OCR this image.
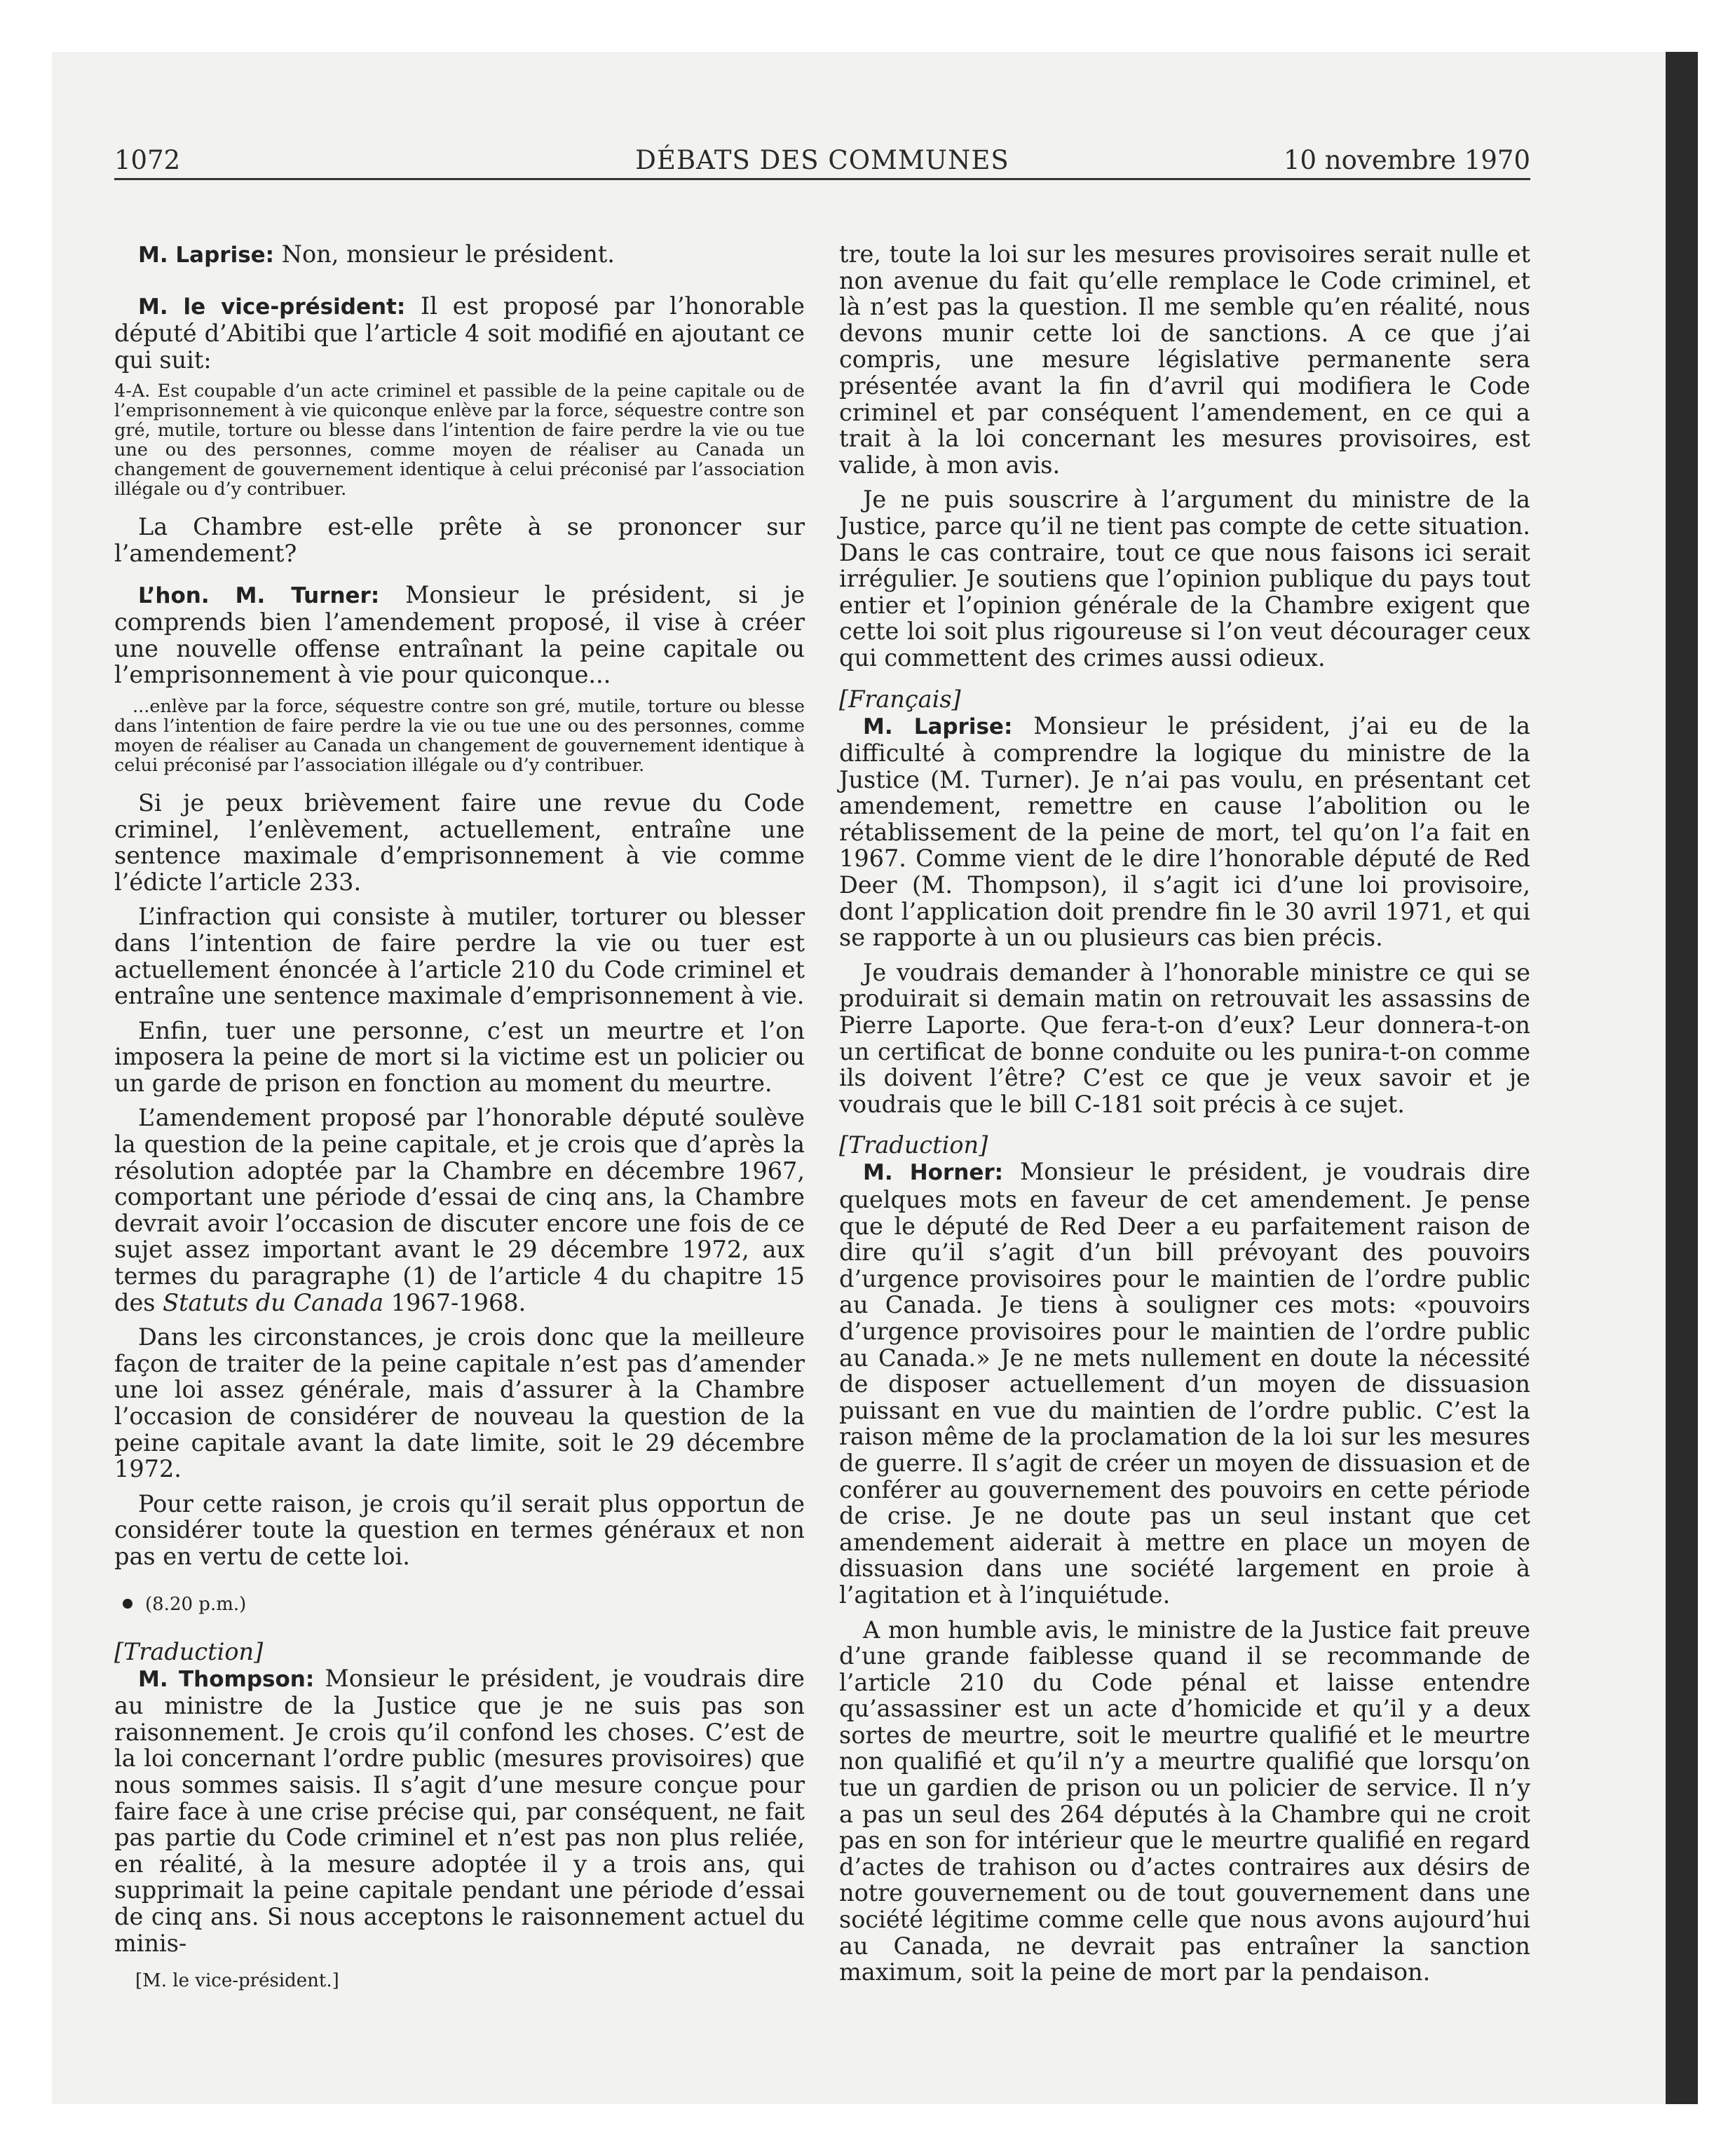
1072	DÉBATS DES COMMUNES	10 novembre 1970

M. Laprise: Non, monsieur le président.

M. le vice-président: Il est proposé par l’honorable député d’Abitibi que l’article 4 soit modifié en ajoutant ce qui suit:

4-A. Est coupable d’un acte criminel et passible de la peine capitale ou de l’emprisonnement à vie quiconque enlève par la force, séquestre contre son gré, mutile, torture ou blesse dans l’intention de faire perdre la vie ou tue une ou des personnes, comme moyen de réaliser au Canada un changement de gouvernement identique à celui préconisé par l’association illégale ou d’y contribuer.

La Chambre est-elle prête à se prononcer sur l’amendement?

L’hon. M. Turner: Monsieur le président, si je comprends bien l’amendement proposé, il vise à créer une nouvelle offense entraînant la peine capitale ou l’emprisonnement à vie pour quiconque...

...enlève par la force, séquestre contre son gré, mutile, torture ou blesse dans l’intention de faire perdre la vie ou tue une ou des personnes, comme moyen de réaliser au Canada un changement de gouvernement identique à celui préconisé par l’association illégale ou d’y contribuer.

Si je peux brièvement faire une revue du Code criminel, l’enlèvement, actuellement, entraîne une sentence maximale d’emprisonnement à vie comme l’édicte l’article 233.

L’infraction qui consiste à mutiler, torturer ou blesser dans l’intention de faire perdre la vie ou tuer est actuellement énoncée à l’article 210 du Code criminel et entraîne une sentence maximale d’emprisonnement à vie.

Enfin, tuer une personne, c’est un meurtre et l’on imposera la peine de mort si la victime est un policier ou un garde de prison en fonction au moment du meurtre.

L’amendement proposé par l’honorable député soulève la question de la peine capitale, et je crois que d’après la résolution adoptée par la Chambre en décembre 1967, comportant une période d’essai de cinq ans, la Chambre devrait avoir l’occasion de discuter encore une fois de ce sujet assez important avant le 29 décembre 1972, aux termes du paragraphe (1) de l’article 4 du chapitre 15 des Statuts du Canada 1967-1968.

Dans les circonstances, je crois donc que la meilleure façon de traiter de la peine capitale n’est pas d’amender une loi assez générale, mais d’assurer à la Chambre l’occasion de considérer de nouveau la question de la peine capitale avant la date limite, soit le 29 décembre 1972.

Pour cette raison, je crois qu’il serait plus opportun de considérer toute la question en termes généraux et non pas en vertu de cette loi.

(8.20 p.m.)

[Traduction]

M. Thompson: Monsieur le président, je voudrais dire au ministre de la Justice que je ne suis pas son raisonnement. Je crois qu’il confond les choses. C’est de la loi concernant l’ordre public (mesures provisoires) que nous sommes saisis. Il s’agit d’une mesure conçue pour faire face à une crise précise qui, par conséquent, ne fait pas partie du Code criminel et n’est pas non plus reliée, en réalité, à la mesure adoptée il y a trois ans, qui supprimait la peine capitale pendant une période d’essai de cinq ans. Si nous acceptons le raisonnement actuel du minis-

[M. le vice-président.]

tre, toute la loi sur les mesures provisoires serait nulle et non avenue du fait qu’elle remplace le Code criminel, et là n’est pas la question. Il me semble qu’en réalité, nous devons munir cette loi de sanctions. A ce que j’ai compris, une mesure législative permanente sera présentée avant la fin d’avril qui modifiera le Code criminel et par conséquent l’amendement, en ce qui a trait à la loi concernant les mesures provisoires, est valide, à mon avis.

Je ne puis souscrire à l’argument du ministre de la Justice, parce qu’il ne tient pas compte de cette situation. Dans le cas contraire, tout ce que nous faisons ici serait irrégulier. Je soutiens que l’opinion publique du pays tout entier et l’opinion générale de la Chambre exigent que cette loi soit plus rigoureuse si l’on veut décourager ceux qui commettent des crimes aussi odieux.

[Français]

M. Laprise: Monsieur le président, j’ai eu de la difficulté à comprendre la logique du ministre de la Justice (M. Turner). Je n’ai pas voulu, en présentant cet amendement, remettre en cause l’abolition ou le rétablissement de la peine de mort, tel qu’on l’a fait en 1967. Comme vient de le dire l’honorable député de Red Deer (M. Thompson), il s’agit ici d’une loi provisoire, dont l’application doit prendre fin le 30 avril 1971, et qui se rapporte à un ou plusieurs cas bien précis.

Je voudrais demander à l’honorable ministre ce qui se produirait si demain matin on retrouvait les assassins de Pierre Laporte. Que fera-t-on d’eux? Leur donnera-t-on un certificat de bonne conduite ou les punira-t-on comme ils doivent l’être? C’est ce que je veux savoir et je voudrais que le bill C-181 soit précis à ce sujet.

[Traduction]

M. Horner: Monsieur le président, je voudrais dire quelques mots en faveur de cet amendement. Je pense que le député de Red Deer a eu parfaitement raison de dire qu’il s’agit d’un bill prévoyant des pouvoirs d’urgence provisoires pour le maintien de l’ordre public au Canada. Je tiens à souligner ces mots: «pouvoirs d’urgence provisoires pour le maintien de l’ordre public au Canada.» Je ne mets nullement en doute la nécessité de disposer actuellement d’un moyen de dissuasion puissant en vue du maintien de l’ordre public. C’est la raison même de la proclamation de la loi sur les mesures de guerre. Il s’agit de créer un moyen de dissuasion et de conférer au gouvernement des pouvoirs en cette période de crise. Je ne doute pas un seul instant que cet amendement aiderait à mettre en place un moyen de dissuasion dans une société largement en proie à l’agitation et à l’inquiétude.

A mon humble avis, le ministre de la Justice fait preuve d’une grande faiblesse quand il se recommande de l’article 210 du Code pénal et laisse entendre qu’assassiner est un acte d’homicide et qu’il y a deux sortes de meurtre, soit le meurtre qualifié et le meurtre non qualifié et qu’il n’y a meurtre qualifié que lorsqu’on tue un gardien de prison ou un policier de service. Il n’y a pas un seul des 264 députés à la Chambre qui ne croit pas en son for intérieur que le meurtre qualifié en regard d’actes de trahison ou d’actes contraires aux désirs de notre gouvernement ou de tout gouvernement dans une société légitime comme celle que nous avons aujourd’hui au Canada, ne devrait pas entraîner la sanction maximum, soit la peine de mort par la pendaison.
